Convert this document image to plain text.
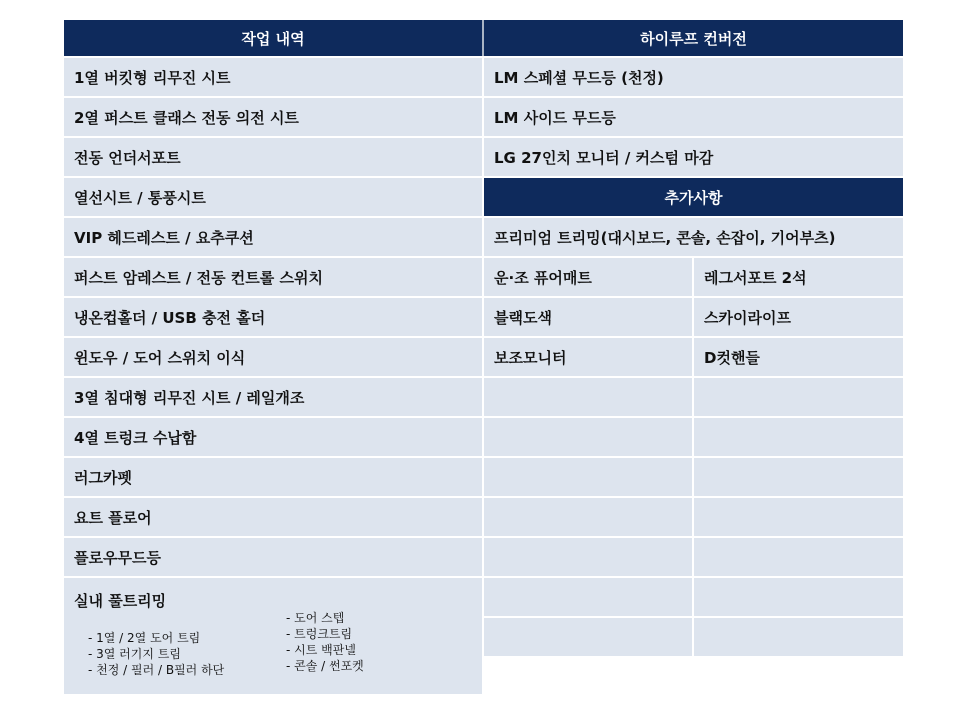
작업 내역
1열 버킷형 리무진 시트
2열 퍼스트 클래스 전동 의전 시트
전동 언더서포트
열선시트 / 통풍시트
VIP 헤드레스트 / 요추쿠션
퍼스트 암레스트 / 전동 컨트롤 스위치
냉온컵홀더 / USB 충전 홀더
윈도우 / 도어 스위치 이식
3열 침대형 리무진 시트 / 레일개조
4열 트렁크 수납함
러그카펫
요트 플로어
플로우무드등
실내 풀트리밍
- 1열 / 2열 도어 트림
- 3열 러기지 트림
- 천정 / 필러 / B필러 하단
- 도어 스텝
- 트렁크트림
- 시트 백판넬
- 콘솔 / 썬포켓
하이루프 컨버전
LM 스페셜 무드등 (천정)
LM 사이드 무드등
LG 27인치 모니터 / 커스텀 마감
추가사항
프리미엄 트리밍(대시보드, 콘솔, 손잡이, 기어부츠)
운·조 퓨어매트	레그서포트 2석
블랙도색	스카이라이프
보조모니터	D컷핸들
